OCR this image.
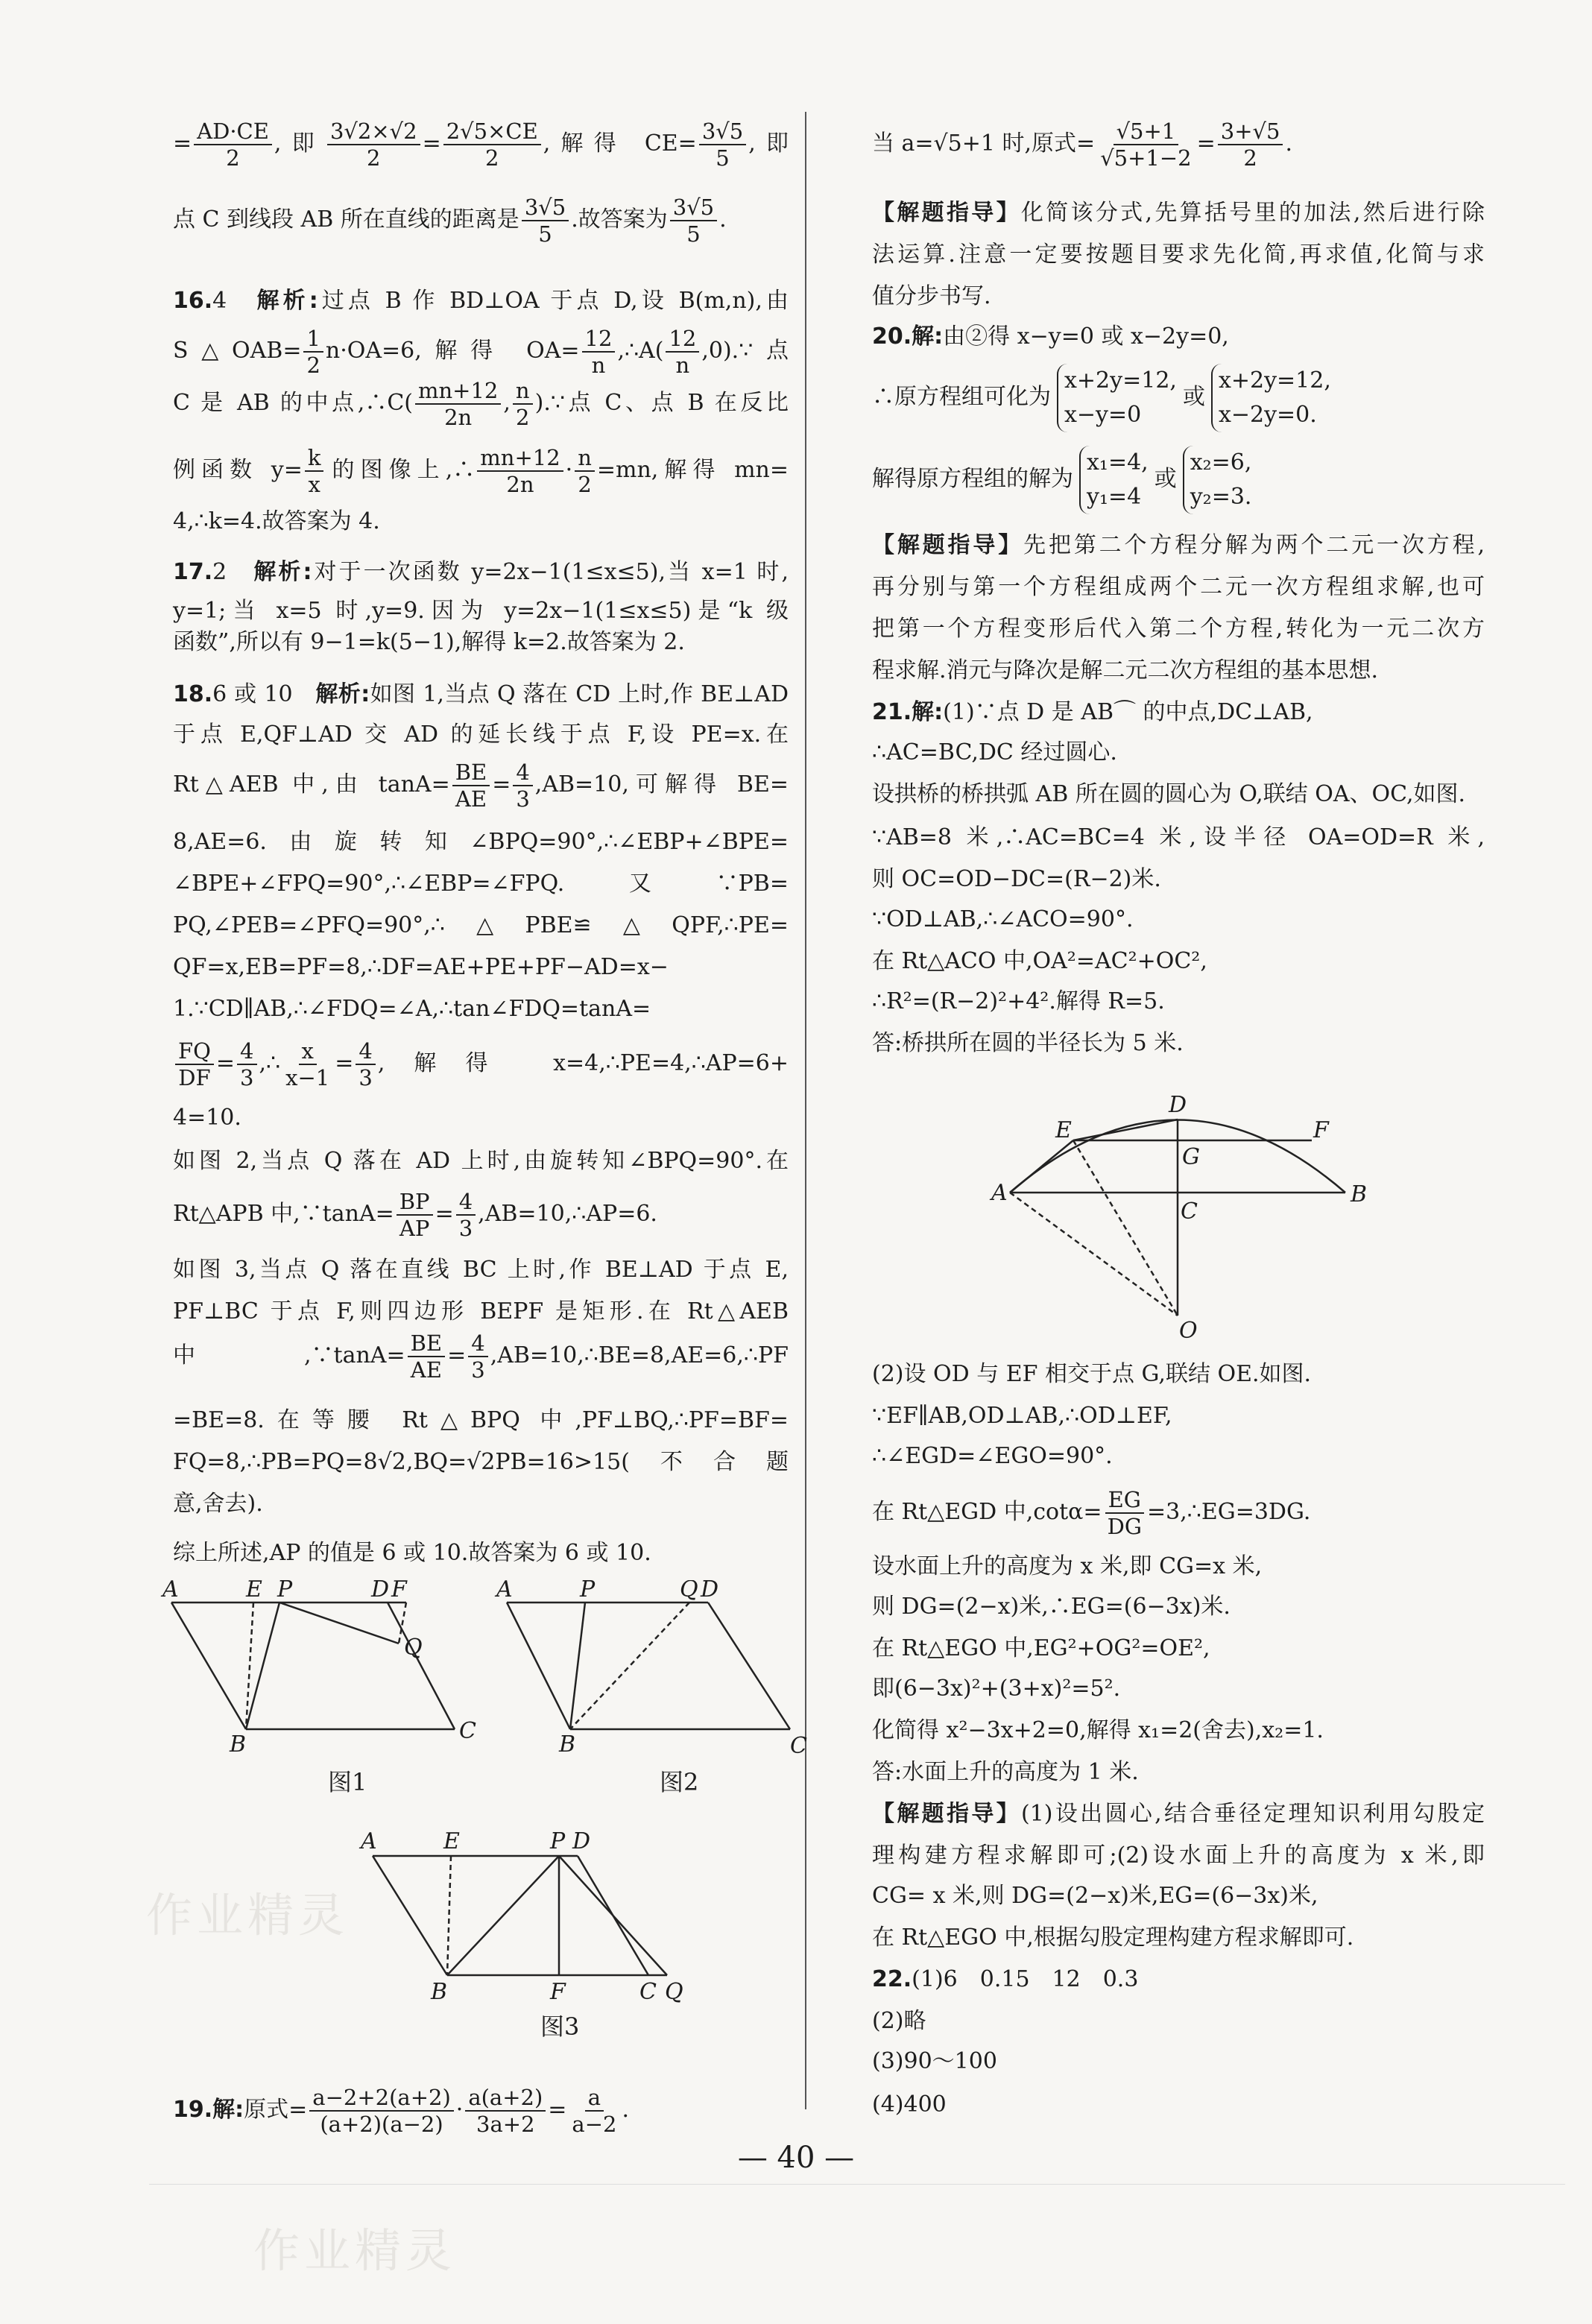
= $\frac{AD\cdot CE}{2}$ ,即 $\frac{3√2\times√2}{2} = \frac{2√5\times CE}{2}$ ,解得 $CE= \frac{3√5}{5}$ ,即
点 C 到线段 AB 所在直线的距离是 $\frac{3√5}{5}$ .故答案为 $\frac{3√5}{5}$ .
16.4　解析:过点 B 作 BD⊥OA 于点 D,设 B(m,n),由
S△OAB= $\frac{1}{2} n\cdot OA=6$,解得 $OA= \frac{12}{n}$ ,∴A( $\frac{12}{n}$ ,0).∵点
C 是 AB 的中点,∴C( $\frac{mn+12}{2n}$ , $\frac{n}{2}$ ).∵点 C、点 B 在反比
例函数 $y= \frac{k}{x}$ 的图像上,∴ $\frac{mn+12}{2n} \cdot \frac{n}{2} =mn$,解得 mn=
4,∴k=4.故答案为 4.
17.2　解析:对于一次函数 y=2x−1(1≤x≤5),当 x=1 时,
y=1;当 x=5 时,y=9.因为 y=2x−1(1≤x≤5)是“k 级
函数”,所以有 9−1=k(5−1),解得 k=2.故答案为 2.
18.6 或 10　解析:如图 1,当点 Q 落在 CD 上时,作 BE⊥AD
于点 E,QF⊥AD 交 AD 的延长线于点 F,设 PE=x.在
Rt△AEB 中,由 $\tan A= \frac{BE}{AE} = \frac{4}{3} ,AB=10$,可解得 BE=
8,AE=6.由旋转知∠BPQ=90°,∴∠EBP+∠BPE=
∠BPE+∠FPQ=90°,∴∠EBP=∠FPQ.又∵PB=
PQ,∠PEB=∠PFQ=90°,∴△PBE≌△QPF,∴PE=
QF=x,EB=PF=8,∴DF=AE+PE+PF−AD=x−
1.∵CD∥AB,∴∠FDQ=∠A,∴tan∠FDQ=tanA=
$\frac{FQ}{DF} = \frac{4}{3}$ ,∴ $\frac{x}{x-1} = \frac{4}{3}$ ,解得 x=4,∴PE=4,∴AP=6+
4=10.
如图 2,当点 Q 落在 AD 上时,由旋转知∠BPQ=90°.在
Rt△APB 中,∵tanA= $\frac{BP}{AP} = \frac{4}{3}$ ,AB=10,∴AP=6.
如图 3,当点 Q 落在直线 BC 上时,作 BE⊥AD 于点 E,
PF⊥BC 于点 F,则四边形 BEPF 是矩形.在 Rt△AEB
中,∵tanA= $\frac{BE}{AE} = \frac{4}{3}$ ,AB=10,∴BE=8,AE=6,∴PF
=BE=8.在等腰 Rt△BPQ 中,PF⊥BQ,∴PF=BF=
FQ=8,∴PB=PQ=8√2,BQ=√2PB=16>15(不合题
意,舍去).
综上所述,AP 的值是 6 或 10.故答案为 6 或 10.
19.解:原式= $\frac{a-2+2(a+2)}{(a+2)(a-2)} \cdot \frac{a(a+2)}{3a+2} = \frac{a}{a-2}$ .
当 a=√5+1 时,原式= $\frac{√5+1}{√5+1-2} = \frac{3+√5}{2}$ .
【解题指导】化简该分式,先算括号里的加法,然后进行除
法运算.注意一定要按题目要求先化简,再求值,化简与求
值分步书写.
20.解:由②得 x−y=0 或 x−2y=0,
∴原方程组可化为
x+2y=12,
x−y=0
或
x+2y=12,
x−2y=0.
解得原方程组的解为
x₁=4,
y₁=4
或
x₂=6,
y₂=3.
【解题指导】先把第二个方程分解为两个二元一次方程,
再分别与第一个方程组成两个二元一次方程组求解,也可
把第一个方程变形后代入第二个方程,转化为一元二次方
程求解.消元与降次是解二元二次方程组的基本思想.
21.解:(1)∵点 D 是 AB⌒ 的中点,DC⊥AB,
∴AC=BC,DC 经过圆心.
设拱桥的桥拱弧 AB 所在圆的圆心为 O,联结 OA、OC,如图.
∵AB=8 米,∴AC=BC=4 米,设半径 OA=OD=R 米,
则 OC=OD−DC=(R−2)米.
∵OD⊥AB,∴∠ACO=90°.
在 Rt△ACO 中,OA²=AC²+OC²,
∴R²=(R−2)²+4².解得 R=5.
答:桥拱所在圆的半径长为 5 米.
(2)设 OD 与 EF 相交于点 G,联结 OE.如图.
∵EF∥AB,OD⊥AB,∴OD⊥EF,
∴∠EGD=∠EGO=90°.
在 Rt△EGD 中$,\cot\alpha= \frac{EG}{DG}$ =3,∴EG=3DG.
设水面上升的高度为 x 米,即 CG=x 米,
则 DG=(2−x)米,∴EG=(6−3x)米.
在 Rt△EGO 中,EG²+OG²=OE²,
即(6−3x)²+(3+x)²=5².
化简得 x²−3x+2=0,解得 x₁=2(舍去),x₂=1.
答:水面上升的高度为 1 米.
【解题指导】(1)设出圆心,结合垂径定理知识利用勾股定
理构建方程求解即可;(2)设水面上升的高度为 x 米,即
CG= x 米,则 DG=(2−x)米,EG=(6−3x)米,
在 Rt△EGO 中,根据勾股定理构建方程求解即可.
22.(1)6　0.15　12　0.3
(2)略
(3)90～100
(4)400
作业精灵
作业精灵
A	E P	D F
Q
B
C
图1
A	P	Q D
B	C
图2
A	E	P D
B	F	C Q
图3
A	B
C
D
E	F
G
O
— 40 —
